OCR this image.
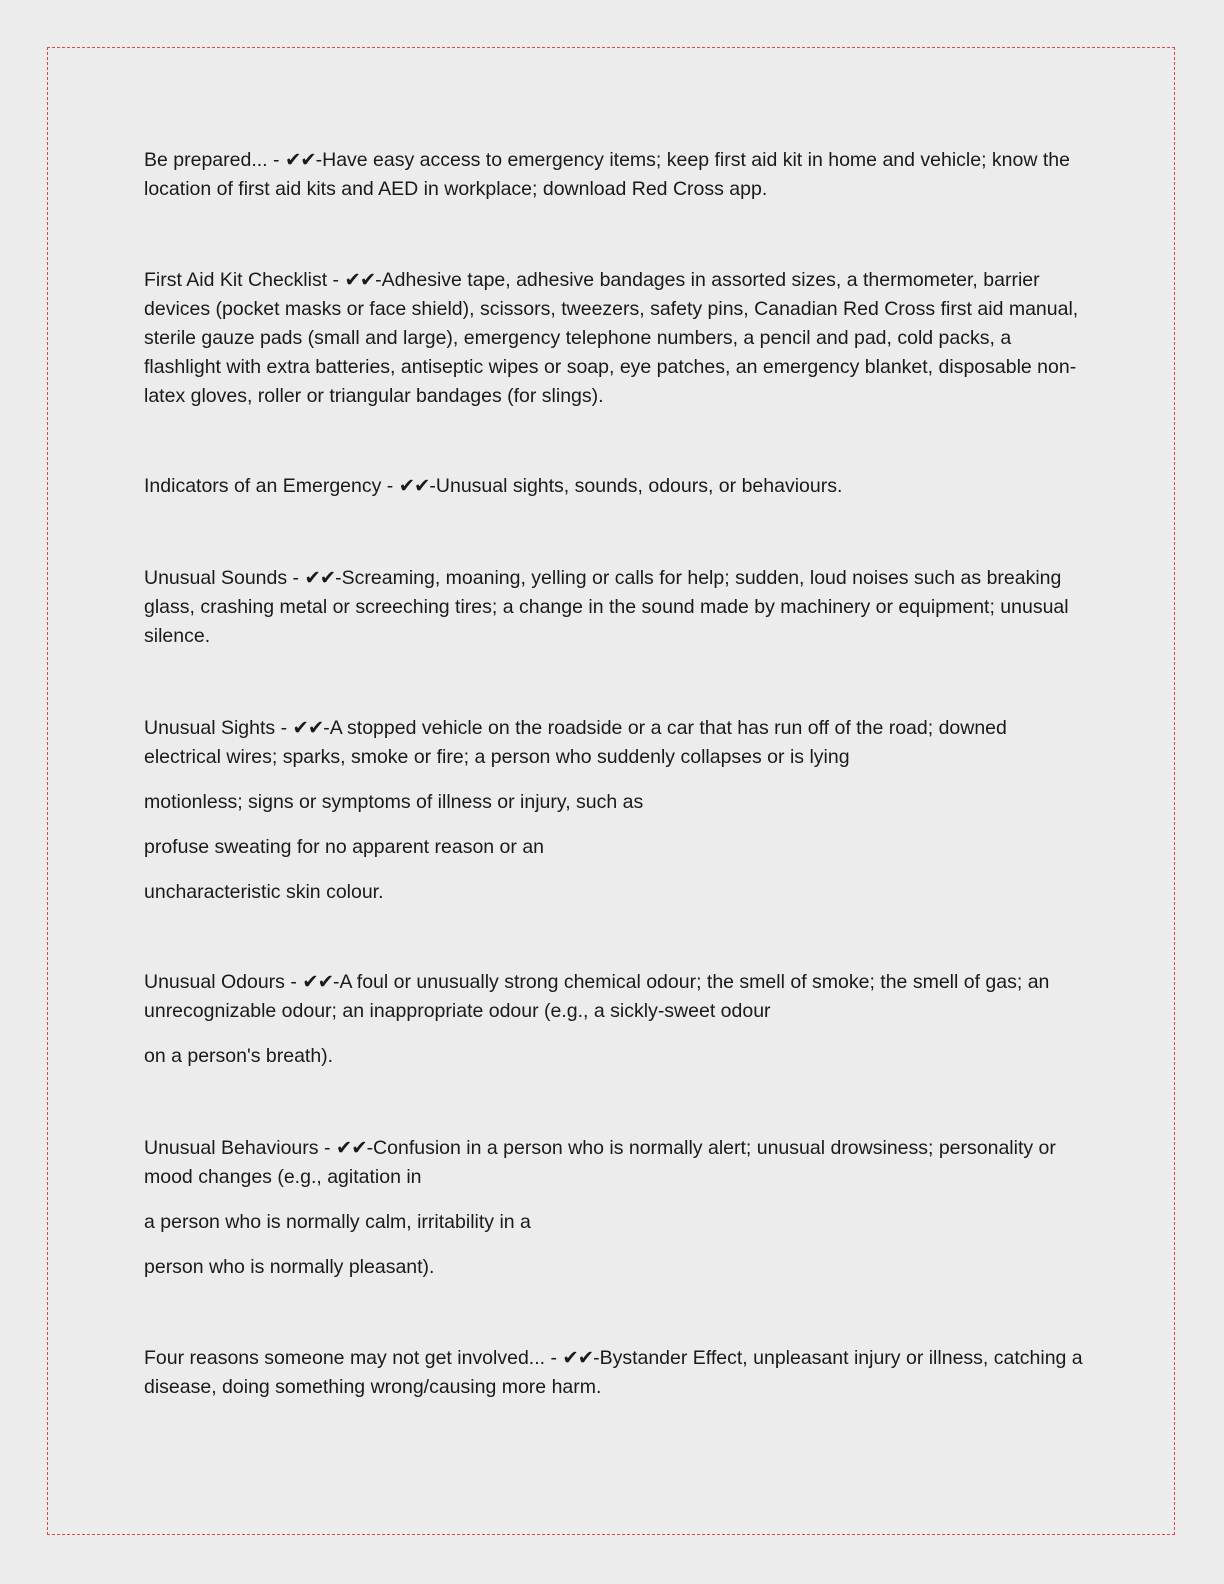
Be prepared... - ✔✔-Have easy access to emergency items; keep first aid kit in home and vehicle; know the location of first aid kits and AED in workplace; download Red Cross app.

First Aid Kit Checklist - ✔✔-Adhesive tape, adhesive bandages in assorted sizes, a thermometer, barrier devices (pocket masks or face shield), scissors, tweezers, safety pins, Canadian Red Cross first aid manual, sterile gauze pads (small and large), emergency telephone numbers, a pencil and pad, cold packs, a flashlight with extra batteries, antiseptic wipes or soap, eye patches, an emergency blanket, disposable non-latex gloves, roller or triangular bandages (for slings).

Indicators of an Emergency - ✔✔-Unusual sights, sounds, odours, or behaviours.

Unusual Sounds - ✔✔-Screaming, moaning, yelling or calls for help; sudden, loud noises such as breaking glass, crashing metal or screeching tires; a change in the sound made by machinery or equipment; unusual silence.

Unusual Sights - ✔✔-A stopped vehicle on the roadside or a car that has run off of the road; downed electrical wires; sparks, smoke or fire; a person who suddenly collapses or is lying

motionless; signs or symptoms of illness or injury, such as

profuse sweating for no apparent reason or an

uncharacteristic skin colour.

Unusual Odours - ✔✔-A foul or unusually strong chemical odour; the smell of smoke; the smell of gas; an unrecognizable odour; an inappropriate odour (e.g., a sickly-sweet odour

on a person's breath).

Unusual Behaviours - ✔✔-Confusion in a person who is normally alert; unusual drowsiness; personality or mood changes (e.g., agitation in

a person who is normally calm, irritability in a

person who is normally pleasant).

Four reasons someone may not get involved... - ✔✔-Bystander Effect, unpleasant injury or illness, catching a disease, doing something wrong/causing more harm.
